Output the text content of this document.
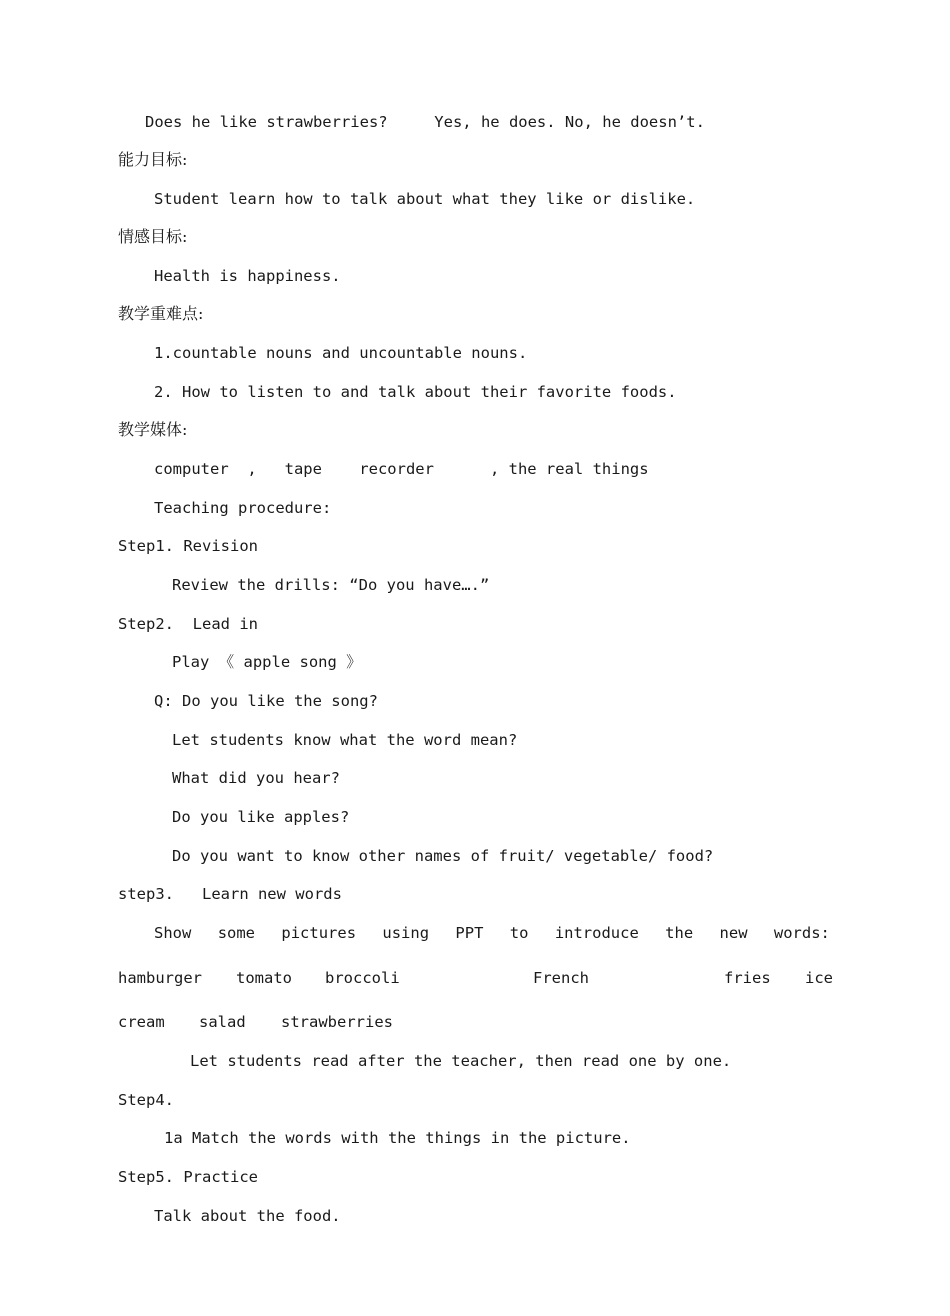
Does he like strawberries?     Yes, he does. No, he doesn’t.
能力目标:
Student learn how to talk about what they like or dislike.
情感目标:
Health is happiness.
教学重难点:
1.countable nouns and uncountable nouns.
2. How to listen to and talk about their favorite foods.
教学媒体:
computer  ,   tape    recorder      , the real things
Teaching procedure:
Step1. Revision
Review the drills: “Do you have….”
Step2.  Lead in
Play 《 apple song 》
Q: Do you like the song?
Let students know what the word mean?
What did you hear?
Do you like apples?
Do you want to know other names of fruit/ vegetable/ food?
step3.   Learn new words
Show some pictures using PPT to introduce the new words:
hamburger tomato broccoli	French	fries ice
cream salad strawberries
Let students read after the teacher, then read one by one.
Step4.
1a Match the words with the things in the picture.
Step5. Practice
Talk about the food.
